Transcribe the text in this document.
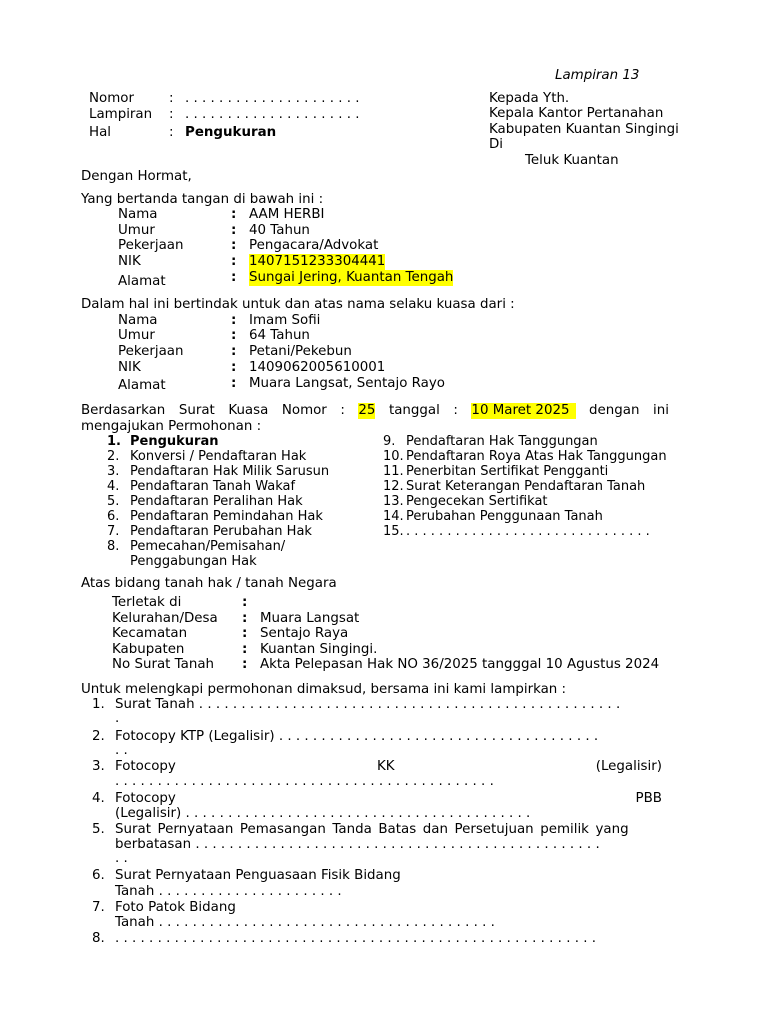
Lampiran 13
Nomor	: . . . . . . . . . . . . . . . . . . . . .
Lampiran : . . . . . . . . . . . . . . . . . . . . .
Hal	: Pengukuran
Kepada Yth.
Kepala Kantor Pertanahan
Kabupaten Kuantan Singingi
Di
Teluk Kuantan
Dengan Hormat,
Yang bertanda tangan di bawah ini :
Nama	: AAM HERBI
Umur	: 40 Tahun
Pekerjaan	: Pengacara/Advokat
NIK	: 1407151233304441
Alamat	: Sungai Jering, Kuantan Tengah
Dalam hal ini bertindak untuk dan atas nama selaku kuasa dari :
Nama	: Imam Sofii
Umur	: 64 Tahun
Pekerjaan	: Petani/Pekebun
NIK	: 1409062005610001
Alamat	: Muara Langsat, Sentajo Rayo
Berdasarkan Surat Kuasa Nomor : 25 tanggal : 10 Maret 2025	dengan ini
mengajukan Permohonan :
1. Pengukuran
2. Konversi / Pendaftaran Hak
3. Pendaftaran Hak Milik Sarusun
4. Pendaftaran Tanah Wakaf
5. Pendaftaran Peralihan Hak
6. Pendaftaran Pemindahan Hak
7. Pendaftaran Perubahan Hak
8. Pemecahan/Pemisahan/
Penggabungan Hak
9. Pendaftaran Hak Tanggungan
10. Pendaftaran Roya Atas Hak Tanggungan
11. Penerbitan Sertifikat Pengganti
12. Surat Keterangan Pendaftaran Tanah
13. Pengecekan Sertifikat
14. Perubahan Penggunaan Tanah
15. . . . . . . . . . . . . . . . . . . . . . . . . . . . . . .
Atas bidang tanah hak / tanah Negara
Terletak di	:
Kelurahan/Desa : Muara Langsat
Kecamatan	: Sentajo Raya
Kabupaten	: Kuantan Singingi.
No Surat Tanah : Akta Pelepasan Hak NO 36/2025 tangggal 10 Agustus 2024
Untuk melengkapi permohonan dimaksud, bersama ini kami lampirkan :
1. Surat Tanah . . . . . . . . . . . . . . . . . . . . . . . . . . . . . . . . . . . . . . . . . . . . . . . . . .
.
2. Fotocopy KTP (Legalisir) . . . . . . . . . . . . . . . . . . . . . . . . . . . . . . . . . . . . . .
. .
3. Fotocopy	KK	(Legalisir)
. . . . . . . . . . . . . . . . . . . . . . . . . . . . . . . . . . . . . . . . . . . . .
4. Fotocopy	PBB
(Legalisir) . . . . . . . . . . . . . . . . . . . . . . . . . . . . . . . . . . . . . . . . .
5. Surat Pernyataan Pemasangan Tanda Batas dan Persetujuan pemilik yang
berbatasan . . . . . . . . . . . . . . . . . . . . . . . . . . . . . . . . . . . . . . . . . . . . . . . .
. .
6. Surat Pernyataan Penguasaan Fisik Bidang
Tanah . . . . . . . . . . . . . . . . . . . . . .
7. Foto Patok Bidang
Tanah . . . . . . . . . . . . . . . . . . . . . . . . . . . . . . . . . . . . . . . .
8. . . . . . . . . . . . . . . . . . . . . . . . . . . . . . . . . . . . . . . . . . . . . . . . . . . . . . . . . .
